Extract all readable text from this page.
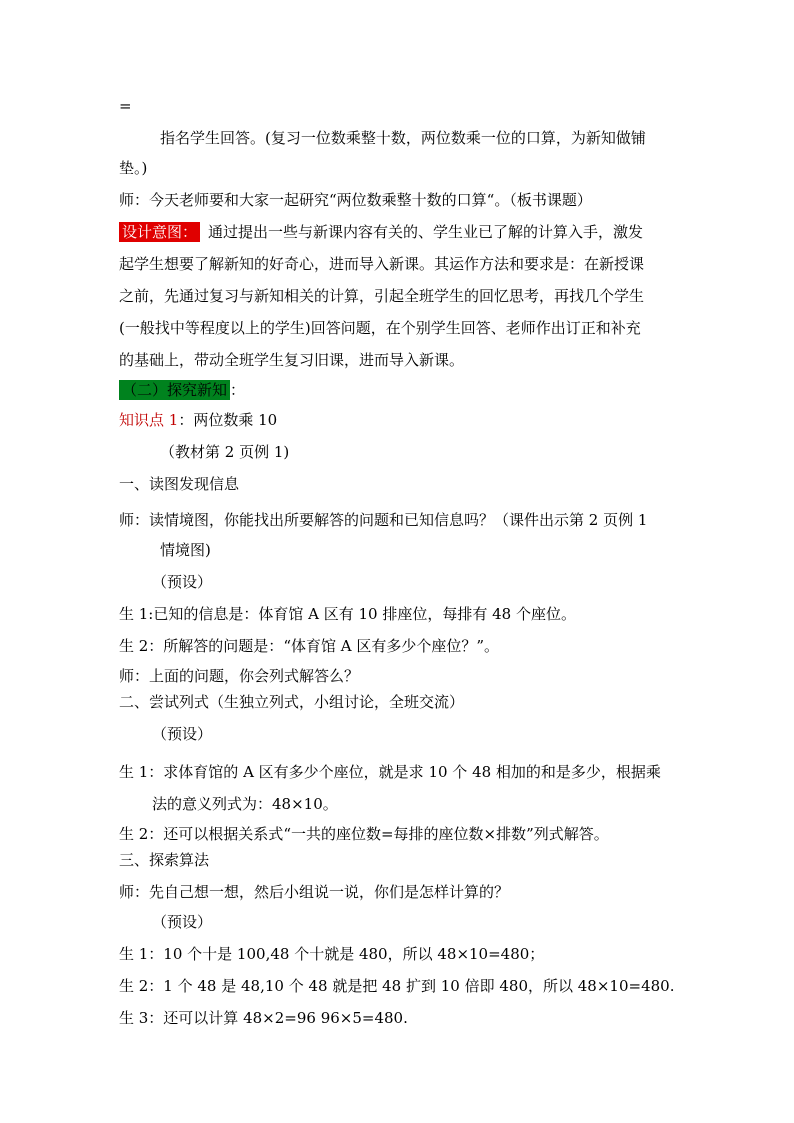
=
指名学生回答。(复习一位数乘整十数，两位数乘一位的口算，为新知做铺
垫。)
师：今天老师要和大家一起研究“两位数乘整十数的口算“。（板书课题）
设计意图： 通过提出一些与新课内容有关的、学生业已了解的计算入手，激发
起学生想要了解新知的好奇心，进而导入新课。其运作方法和要求是：在新授课
之前，先通过复习与新知相关的计算，引起全班学生的回忆思考，再找几个学生
(一般找中等程度以上的学生)回答问题，在个别学生回答、老师作出订正和补充
的基础上，带动全班学生复习旧课，进而导入新课。
（二）探究新知 ：
知识点 1：两位数乘 10
（教材第 2 页例 1)
一、读图发现信息
师：读情境图，你能找出所要解答的问题和已知信息吗？（课件出示第 2 页例 1
情境图)
（预设）
生 1:已知的信息是：体育馆 A 区有 10 排座位，每排有 48 个座位。
生 2：所解答的问题是：“体育馆 A 区有多少个座位？”。
师：上面的问题，你会列式解答么？
二、尝试列式（生独立列式，小组讨论，全班交流）
（预设）
生 1：求体育馆的 A 区有多少个座位，就是求 10 个 48 相加的和是多少，根据乘
法的意义列式为：48×10。
生 2：还可以根据关系式“一共的座位数=每排的座位数×排数”列式解答。
三、探索算法
师：先自己想一想，然后小组说一说，你们是怎样计算的？
（预设）
生 1：10 个十是 100,48 个十就是 480，所以 48×10=480；
生 2：1 个 48 是 48,10 个 48 就是把 48 扩到 10 倍即 480，所以 48×10=480.
生 3：还可以计算 48×2=96 96×5=480.
